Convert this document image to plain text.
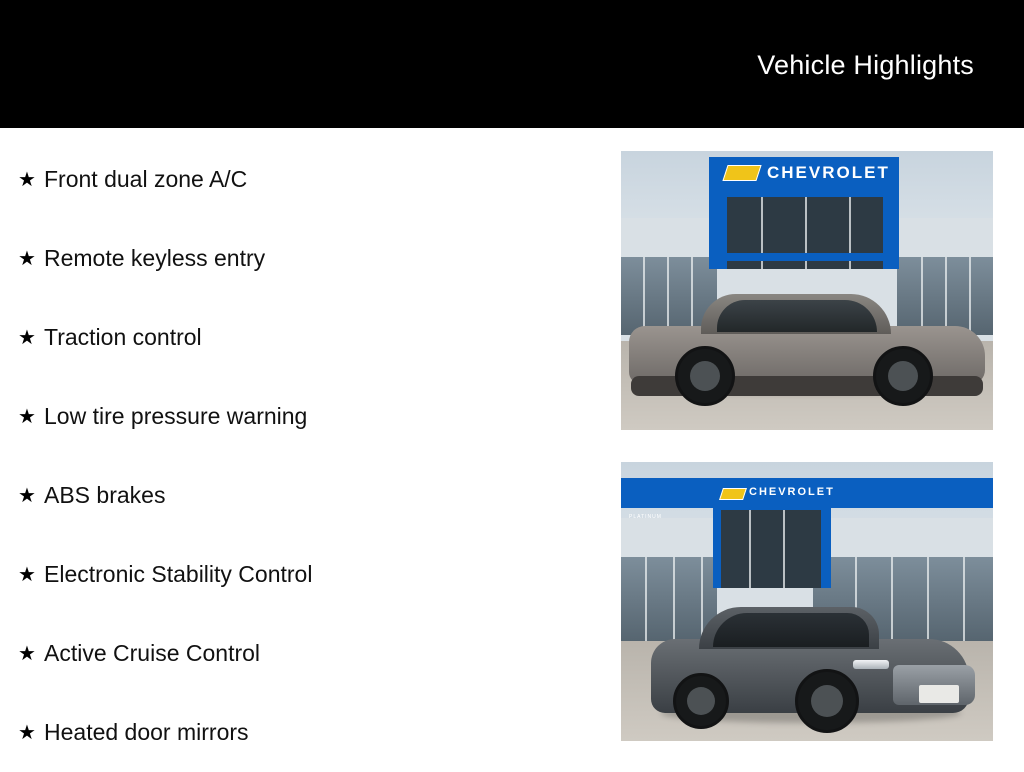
Vehicle Highlights
★ Front dual zone A/C
★ Remote keyless entry
★ Traction control
★ Low tire pressure warning
★ ABS brakes
★ Electronic Stability Control
★ Active Cruise Control
★ Heated door mirrors
CHEVROLET
CHEVROLET
PLATINUM
